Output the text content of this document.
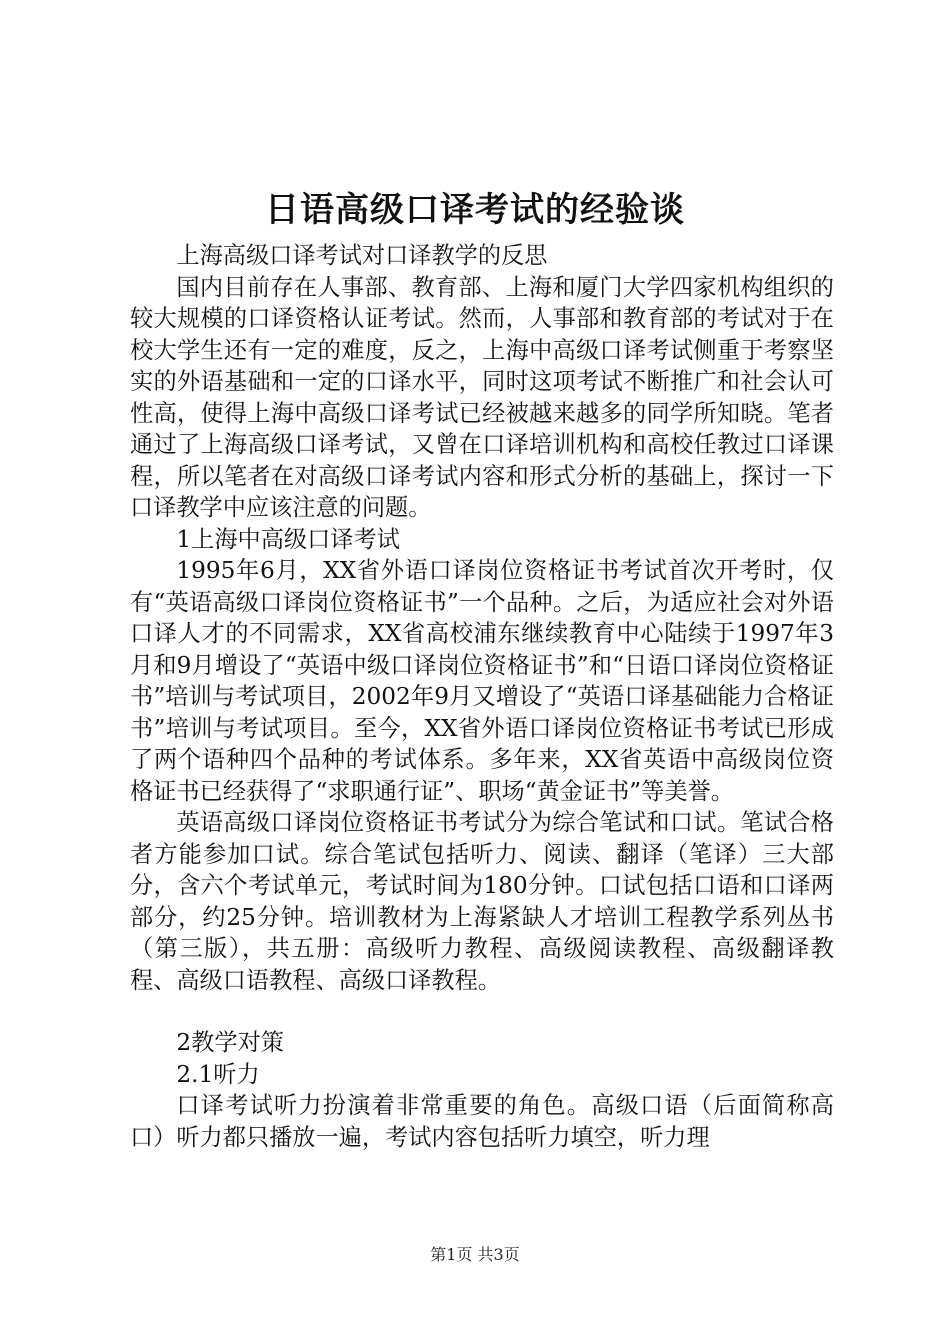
日语高级口译考试的经验谈

上海高级口译考试对口译教学的反思

国内目前存在人事部、教育部、上海和厦门大学四家机构组织的较大规模的口译资格认证考试。然而，人事部和教育部的考试对于在校大学生还有一定的难度，反之，上海中高级口译考试侧重于考察坚实的外语基础和一定的口译水平，同时这项考试不断推广和社会认可性高，使得上海中高级口译考试已经被越来越多的同学所知晓。笔者通过了上海高级口译考试，又曾在口译培训机构和高校任教过口译课程，所以笔者在对高级口译考试内容和形式分析的基础上，探讨一下口译教学中应该注意的问题。

1上海中高级口译考试

1995年6月，XX省外语口译岗位资格证书考试首次开考时，仅有“英语高级口译岗位资格证书”一个品种。之后，为适应社会对外语口译人才的不同需求，XX省高校浦东继续教育中心陆续于1997年3月和9月增设了“英语中级口译岗位资格证书”和“日语口译岗位资格证书”培训与考试项目，2002年9月又增设了“英语口译基础能力合格证书”培训与考试项目。至今，XX省外语口译岗位资格证书考试已形成了两个语种四个品种的考试体系。多年来，XX省英语中高级岗位资格证书已经获得了“求职通行证”、职场“黄金证书”等美誉。

英语高级口译岗位资格证书考试分为综合笔试和口试。笔试合格者方能参加口试。综合笔试包括听力、阅读、翻译（笔译）三大部分，含六个考试单元，考试时间为180分钟。口试包括口语和口译两部分，约25分钟。培训教材为上海紧缺人才培训工程教学系列丛书（第三版），共五册：高级听力教程、高级阅读教程、高级翻译教程、高级口语教程、高级口译教程。

2教学对策

2.1听力

口译考试听力扮演着非常重要的角色。高级口语（后面简称高口）听力都只播放一遍，考试内容包括听力填空，听力理

第1页 共3页
